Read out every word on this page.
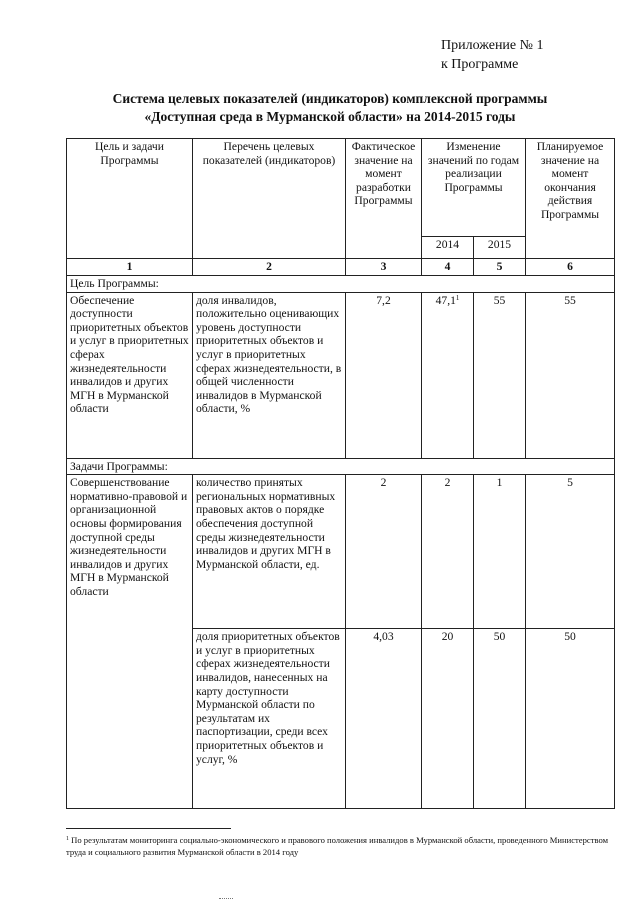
Приложение № 1
к Программе
Система целевых показателей (индикаторов) комплексной программы
«Доступная среда в Мурманской области» на 2014-2015 годы
Цель и задачи Программы	Перечень целевых показателей (индикаторов)	Фактическое значение на момент разработки Программы	Изменение значений по годам реализации Программы		Планируемое значение на момент окончания действия Программы
			2014	2015	
1	2	3	4	5	6
Цель Программы:					
Обеспечение доступности приоритетных объектов и услуг в приоритетных сферах жизнедеятельности инвалидов и других МГН в Мурманской области	доля инвалидов, положительно оценивающих уровень доступности приоритетных объектов и услуг в приоритетных сферах жизнедеятельности, в общей численности инвалидов в Мурманской области, %	7,2	47,1$^1$	55	55
Задачи Программы:					
Совершенствование нормативно-правовой и организационной основы формирования доступной среды жизнедеятельности инвалидов и других МГН в Мурманской области	количество принятых региональных нормативных правовых актов о порядке обеспечения доступной среды жизнедеятельности инвалидов и других МГН в Мурманской области, ед.	2	2	1	5
	доля приоритетных объектов и услуг в приоритетных сферах жизнедеятельности инвалидов, нанесенных на карту доступности Мурманской области по результатам их паспортизации, среди всех приоритетных объектов и услуг, %	4,03	20	50	50
$^1$ По результатам мониторинга социально-экономического и правового положения инвалидов в Мурманской области, проведенного Министерством труда и социального развития Мурманской области в 2014 году
